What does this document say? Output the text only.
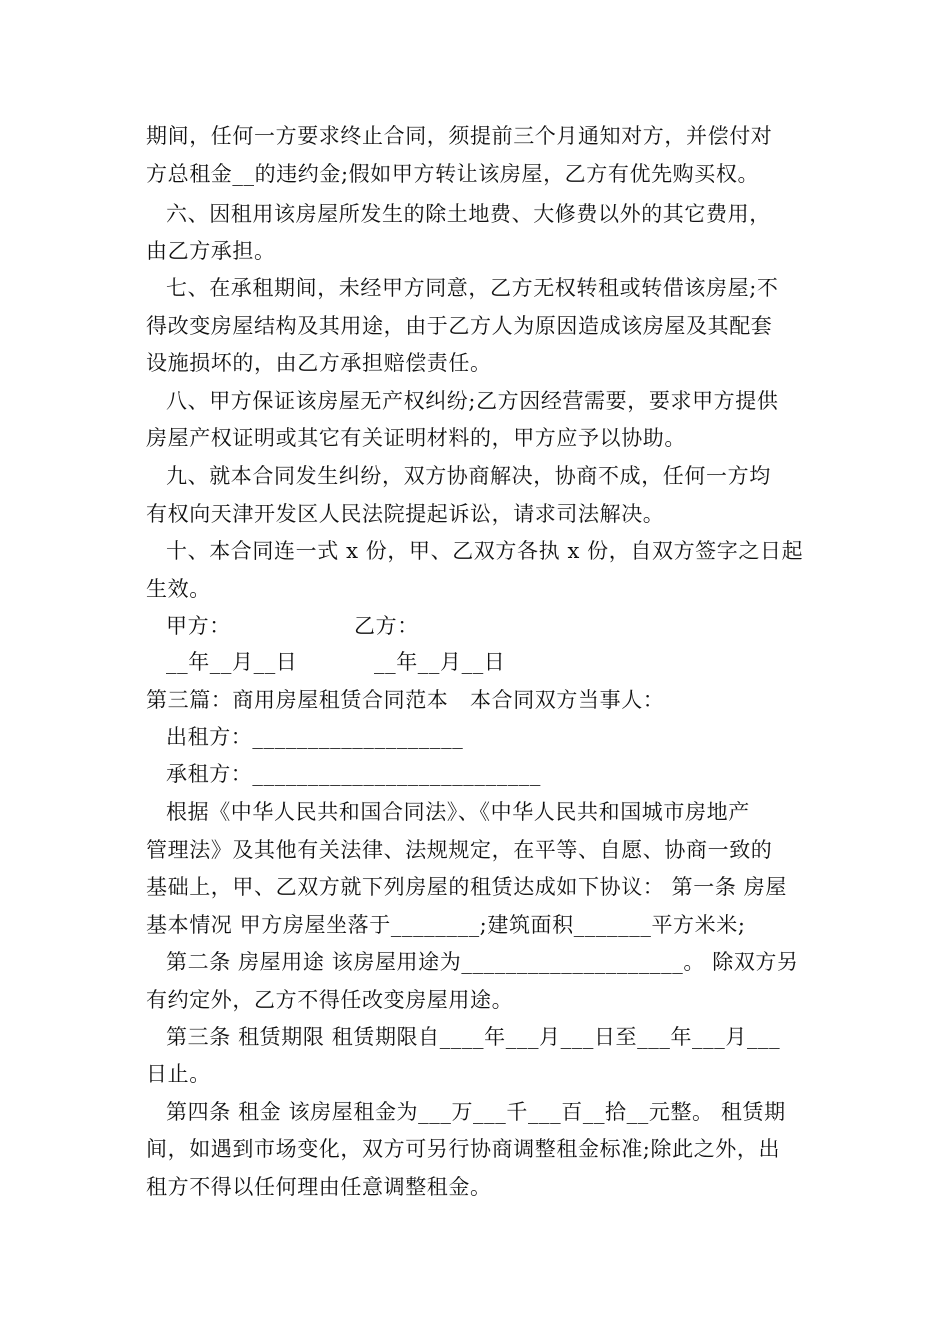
期间，任何一方要求终止合同，须提前三个月通知对方，并偿付对
方总租金__的违约金;假如甲方转让该房屋，乙方有优先购买权。
六、因租用该房屋所发生的除土地费、大修费以外的其它费用，
由乙方承担。
七、在承租期间，未经甲方同意，乙方无权转租或转借该房屋;不
得改变房屋结构及其用途，由于乙方人为原因造成该房屋及其配套
设施损坏的，由乙方承担赔偿责任。
八、甲方保证该房屋无产权纠纷;乙方因经营需要，要求甲方提供
房屋产权证明或其它有关证明材料的，甲方应予以协助。
九、就本合同发生纠纷，双方协商解决，协商不成，任何一方均
有权向天津开发区人民法院提起诉讼，请求司法解决。
十、本合同连一式 x 份，甲、乙双方各执 x 份，自双方签字之日起
生效。
甲方：	乙方：
__年__月__日	__年__月__日
第三篇：商用房屋租赁合同范本　本合同双方当事人：
出租方：___________________
承租方：__________________________
根据《中华人民共和国合同法》、《中华人民共和国城市房地产
管理法》及其他有关法律、法规规定，在平等、自愿、协商一致的
基础上，甲、乙双方就下列房屋的租赁达成如下协议： 第一条 房屋
基本情况 甲方房屋坐落于________;建筑面积_______平方米米;
第二条 房屋用途 该房屋用途为____________________。 除双方另
有约定外，乙方不得任改变房屋用途。
第三条 租赁期限 租赁期限自____年___月___日至___年___月___
日止。
第四条 租金 该房屋租金为___万___千___百__拾__元整。 租赁期
间，如遇到市场变化，双方可另行协商调整租金标准;除此之外，出
租方不得以任何理由任意调整租金。
